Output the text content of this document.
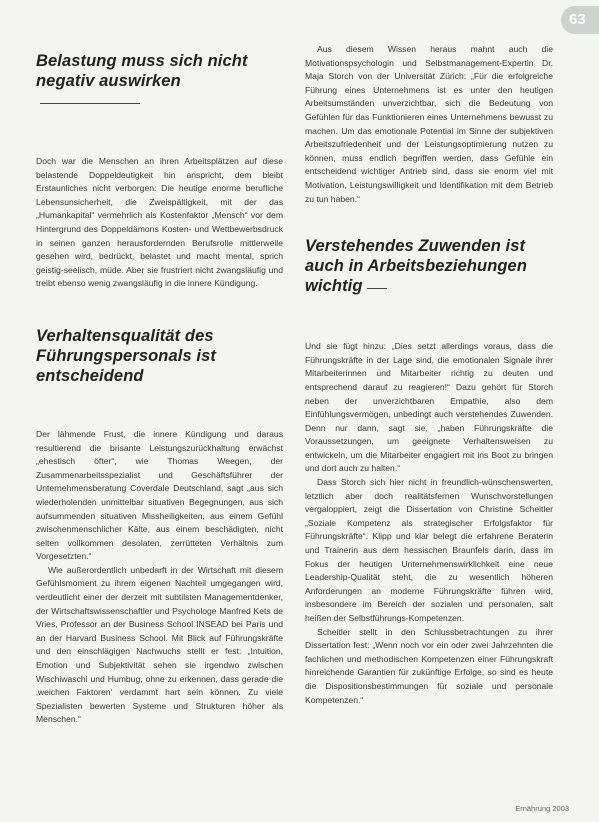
63
Belastung muss sich nicht negativ auswirken

Doch war die Menschen an ihren Arbeitsplätzen auf diese belastende Doppeldeutigkeit hin anspricht, dem bleibt Erstaunliches nicht verborgen: Die heutige enorme berufliche Lebensunsicherheit, die Zweispältigkeit, mit der das „Humankapital“ vermehrlich als Kostenfaktor „Mensch“ vor dem Hintergrund des Doppeldämons Kosten- und Wettbewerbsdruck in seinen ganzen herausfordernden Berufsrolle mittlerweile gesehen wird, bedrückt, belastet und macht mental, sprich geistig-seelisch, müde. Aber sie frustriert nicht zwangsläufig und treibt ebenso wenig zwangsläufig in die innere Kündigung.

Verhaltensqualität des Führungspersonals ist entscheidend

Der lähmende Frust, die innere Kündigung und daraus resultierend die brisante Leistungszurückhaltung erwächst „ehestisch öfter“, wie Thomas Weegen, der Zusammenarbeitsspezialist und Geschäftsführer der Unternehmensberatung Coverdale Deutschland, sagt „aus sich wiederholenden unmittelbar situativen Begegnungen, aus sich aufsummenden situativen Missheiligkeiten, aus einem Gefühl zwischenmenschlicher Kälte, aus einem beschädigten, nicht selten vollkommen desolaten, zerrütteten Verhältnis zum Vorgesetzten.“

Wie außerordentlich unbedarft in der Wirtschaft mit diesem Gefühlsmoment zu ihrem eigenen Nachteil umgegangen wird, verdeutlicht einer der derzeit mit subtilsten Managementdenker, der Wirtschaftswissenschaftler und Psychologe Manfred Kets de Vries, Professor an der Business School INSEAD bei Paris und an der Harvard Business School. Mit Blick auf Führungskräfte und den einschlägigen Nachwuchs stellt er fest: „Intuition, Emotion und Subjektivität sehen sie irgendwo zwischen Wischiwaschi und Humbug, ohne zu erkennen, dass gerade die ‚weichen Faktoren‘ verdammt hart sein können. Zu viele Spezialisten bewerten Systeme und Strukturen höher als Menschen.“

Aus diesem Wissen heraus mahnt auch die Motivationspsychologin und Selbstmanagement-Expertin Dr. Maja Storch von der Universität Zürich: „Für die erfolgreiche Führung eines Unternehmens ist es unter den heutigen Arbeitsumständen unverzichtbar, sich die Bedeutung von Gefühlen für das Funktionieren eines Unternehmens bewusst zu machen. Um das emotionale Potential im Sinne der subjektiven Arbeitszufriedenheit und der Leistungsoptimierung nutzen zu können, muss endlich begriffen werden, dass Gefühle ein entscheidend wichtiger Antrieb sind, dass sie enorm viel mit Motivation, Leistungswilligkeit und Identifikation mit dem Betrieb zu tun haben.“

Verstehendes Zuwenden ist auch in Arbeitsbeziehungen wichtig

Und sie fügt hinzu: „Dies setzt allerdings voraus, dass die Führungskräfte in der Lage sind, die emotionalen Signale ihrer Mitarbeiterinnen und Mitarbeiter richtig zu deuten und entsprechend darauf zu reagieren!“ Dazu gehört für Storch neben der unverzichtbaren Empathie, also dem Einfühlungsvermögen, unbedingt auch verstehendes Zuwenden. Denn nur dann, sagt sie, „haben Führungskräfte die Voraussetzungen, um geeignete Verhaltensweisen zu entwickeln, um die Mitarbeiter engagiert mit ins Boot zu bringen und dort auch zu halten.“

Dass Storch sich hier nicht in freundlich-wünschenswerten, letztlich aber doch realitätsfernen Wunschvorstellungen vergaloppiert, zeigt die Dissertation von Christine Scheitler „Soziale Kompetenz als strategischer Erfolgsfaktor für Führungskräfte“. Klipp und klar belegt die erfahrene Beraterin und Trainerin aus dem hessischen Braunfels darin, dass im Fokus der heutigen Unternehmenswirklichkeit eine neue Leadership-Qualität steht, die zu wesentlich höheren Anforderungen an moderne Führungskräfte führen wird, insbesondere im Bereich der sozialen und personalen, salt heißen der Selbstführungs-Kompetenzen.

Scheitler stellt in den Schlussbetrachtungen zu ihrer Dissertation fest: „Wenn noch vor ein oder zwei Jahrzehnten die fachlichen und methodischen Kompetenzen einer Führungskraft hinreichende Garantien für zukünftige Erfolge, so sind es heute die Dispositionsbestimmungen für soziale und personale Kompetenzen.“

Ernährung 2003
